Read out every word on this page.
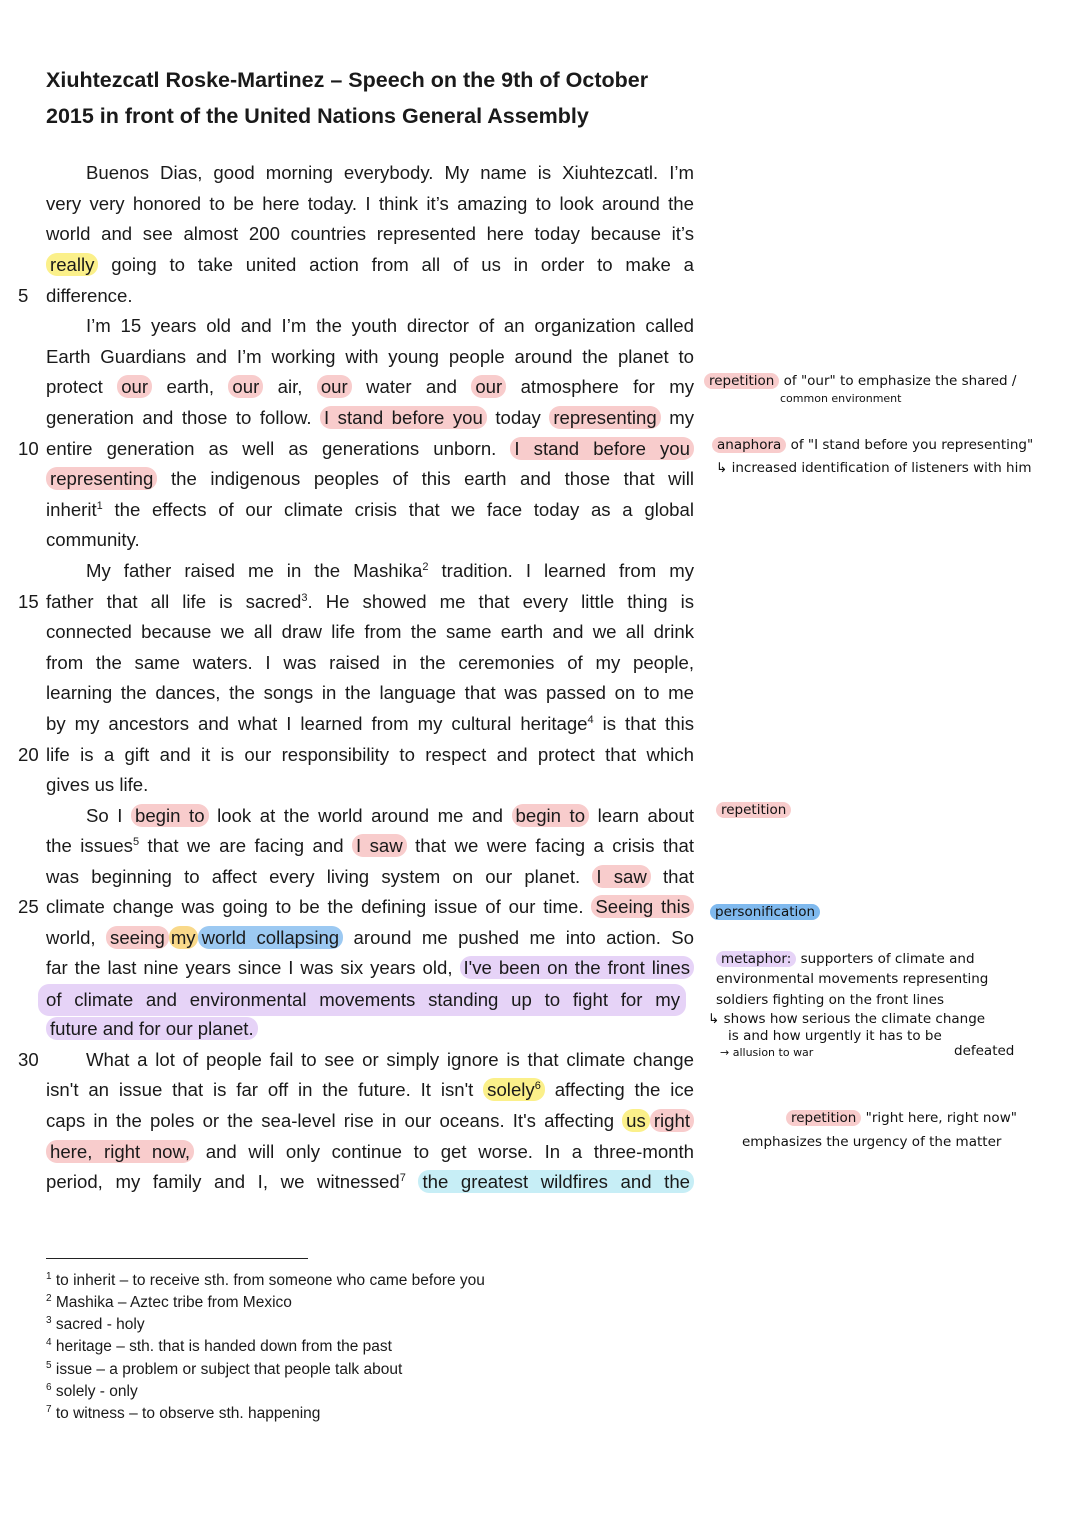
Xiuhtezcatl Roske-Martinez – Speech on the 9th of October
2015 in front of the United Nations General Assembly
5
10
15
20
25
30
Buenos Dias, good morning everybody. My name is Xiuhtezcatl. I’m
very very honored to be here today. I think it’s amazing to look around the
world and see almost 200 countries represented here today because it’s
really going to take united action from all of us in order to make a
difference.
I’m 15 years old and I’m the youth director of an organization called
Earth Guardians and I’m working with young people around the planet to
protect our earth, our air, our water and our atmosphere for my
generation and those to follow. I stand before you today representing my
entire generation as well as generations unborn. I stand before you
representing the indigenous peoples of this earth and those that will
inherit$^1$ the effects of our climate crisis that we face today as a global
community.
My father raised me in the Mashika$^2$ tradition. I learned from my
father that all life is sacred$^3$. He showed me that every little thing is
connected because we all draw life from the same earth and we all drink
from the same waters. I was raised in the ceremonies of my people,
learning the dances, the songs in the language that was passed on to me
by my ancestors and what I learned from my cultural heritage$^4$ is that this
life is a gift and it is our responsibility to respect and protect that which
gives us life.
So I begin to look at the world around me and begin to learn about
the issues$^5$ that we are facing and I saw that we were facing a crisis that
was beginning to affect every living system on our planet. I saw that
climate change was going to be the defining issue of our time. Seeing this
world, seeing my world collapsing around me pushed me into action. So
far the last nine years since I was six years old, I've been on the front lines
of climate and environmental movements standing up to fight for my
future and for our planet.
What a lot of people fail to see or simply ignore is that climate change
isn't an issue that is far off in the future. It isn't solely$^6$ affecting the ice
caps in the poles or the sea-level rise in our oceans. It's affecting us right
here, right now, and will only continue to get worse. In a three-month
period, my family and I, we witnessed$^7$ the greatest wildfires and the
repetition of "our" to emphasize the shared /
common environment
anaphora of "I stand before you representing"
↳ increased identification of listeners with him
repetition
personification
metaphor: supporters of climate and
environmental movements representing
soldiers fighting on the front lines
↳ shows how serious the climate change
is and how urgently it has to be
→ allusion to war	defeated
repetition "right here, right now"
emphasizes the urgency of the matter
$^1$ to inherit – to receive sth. from someone who came before you
$^2$ Mashika – Aztec tribe from Mexico
$^3$ sacred - holy
$^4$ heritage – sth. that is handed down from the past
$^5$ issue – a problem or subject that people talk about
$^6$ solely - only
$^7$ to witness – to observe sth. happening
